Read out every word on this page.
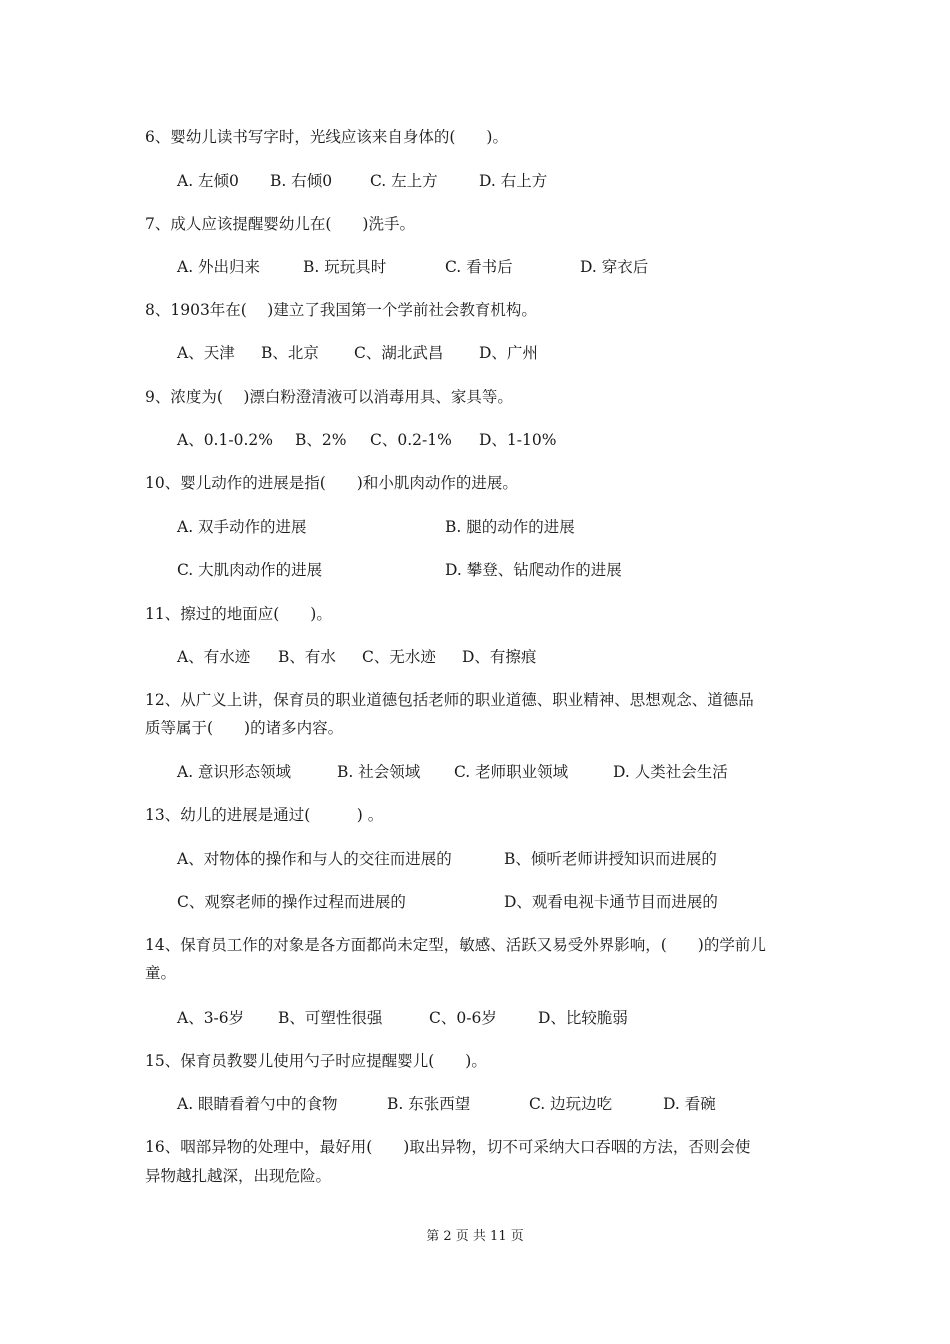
6、婴幼儿读书写字时，光线应该来自身体的(　　)。
A. 左倾0 B. 右倾0 C. 左上方	D. 右上方
7、成人应该提醒婴幼儿在(　　)洗手。
A. 外出归来	B. 玩玩具时	C. 看书后	D. 穿衣后
8、1903年在(　 )建立了我国第一个学前社会教育机构。
A、天津 B、北京 C、湖北武昌 D、广州
9、浓度为(　 )漂白粉澄清液可以消毒用具、家具等。
A、0.1-0.2% B、2% C、0.2-1% D、1-10%
10、婴儿动作的进展是指(　　)和小肌肉动作的进展。
A. 双手动作的进展	B. 腿的动作的进展
C. 大肌肉动作的进展	D. 攀登、钻爬动作的进展
11、擦过的地面应(　　)。
A、有水迹 B、有水 C、无水迹 D、有擦痕
12、从广义上讲，保育员的职业道德包括老师的职业道德、职业精神、思想观念、道德品
质等属于(　　)的诸多内容。
A. 意识形态领域	B. 社会领域 C. 老师职业领域	D. 人类社会生活
13、幼儿的进展是通过(　　　) 。
A、对物体的操作和与人的交往而进展的	B、倾听老师讲授知识而进展的
C、观察老师的操作过程而进展的	D、观看电视卡通节目而进展的
14、保育员工作的对象是各方面都尚未定型，敏感、活跃又易受外界影响，(　　)的学前儿
童。
A、3-6岁 B、可塑性很强	C、0-6岁	D、比较脆弱
15、保育员教婴儿使用勺子时应提醒婴儿(　　)。
A. 眼睛看着勺中的食物	B. 东张西望	C. 边玩边吃	D. 看碗
16、咽部异物的处理中，最好用(　　)取出异物，切不可采纳大口吞咽的方法，否则会使
异物越扎越深，出现危险。
第 2 页 共 11 页
